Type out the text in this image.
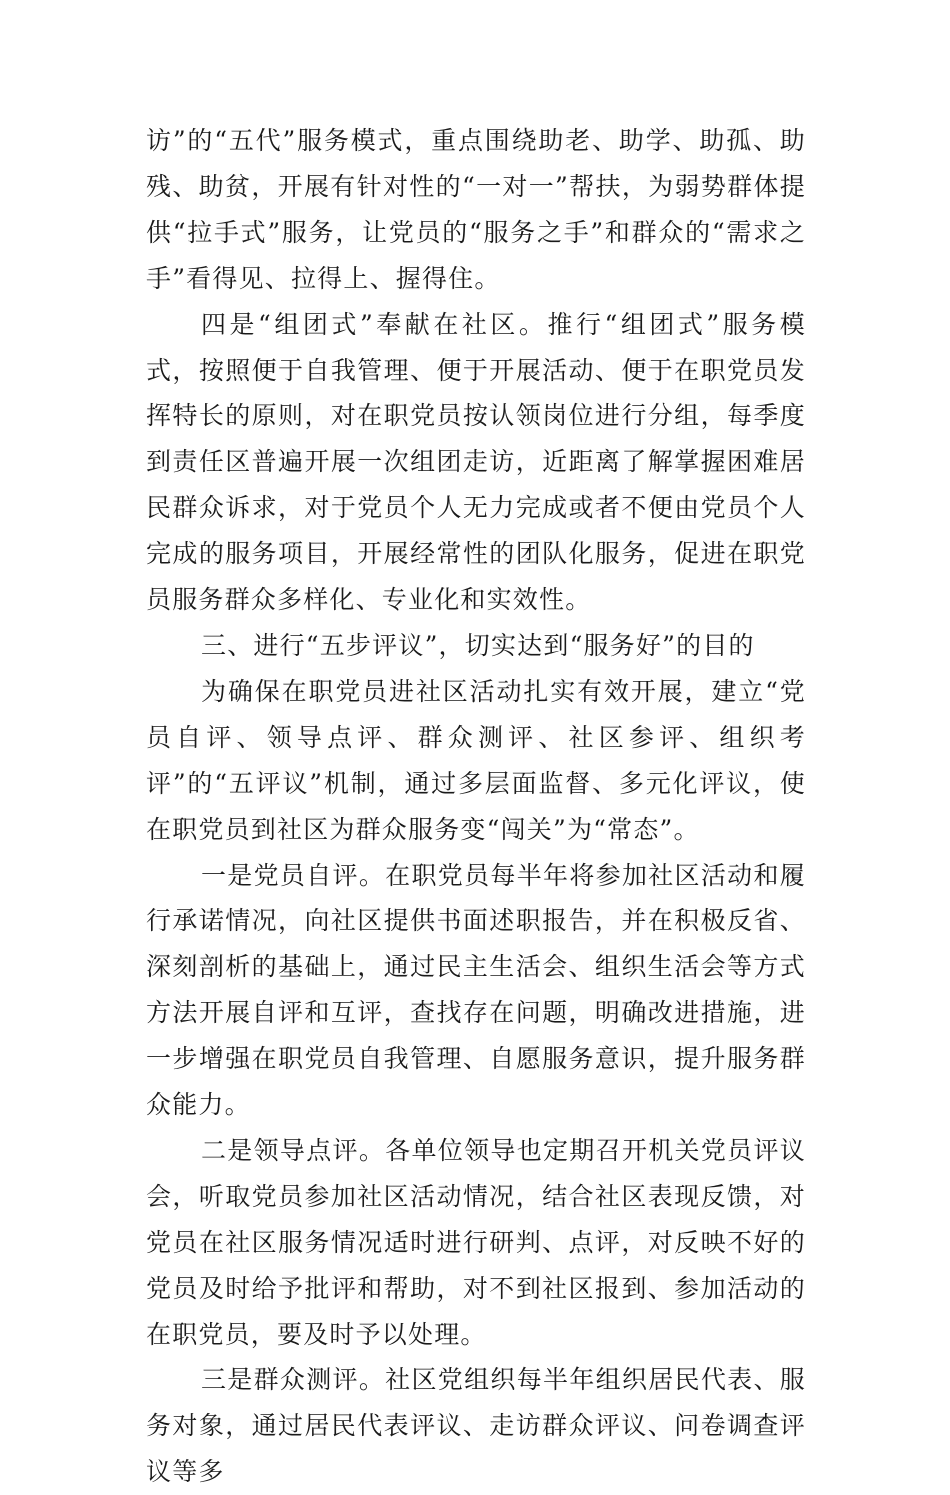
访”的“五代”服务模式，重点围绕助老、助学、助孤、助残、助贫，开展有针对性的“一对一”帮扶，为弱势群体提供“拉手式”服务，让党员的“服务之手”和群众的“需求之手”看得见、拉得上、握得住。

四是“组团式”奉献在社区。推行“组团式”服务模式，按照便于自我管理、便于开展活动、便于在职党员发挥特长的原则，对在职党员按认领岗位进行分组，每季度到责任区普遍开展一次组团走访，近距离了解掌握困难居民群众诉求，对于党员个人无力完成或者不便由党员个人完成的服务项目，开展经常性的团队化服务，促进在职党员服务群众多样化、专业化和实效性。

三、进行“五步评议”，切实达到“服务好”的目的

为确保在职党员进社区活动扎实有效开展，建立“党员自评、领导点评、群众测评、社区参评、组织考评”的“五评议”机制，通过多层面监督、多元化评议，使在职党员到社区为群众服务变“闯关”为“常态”。

一是党员自评。在职党员每半年将参加社区活动和履行承诺情况，向社区提供书面述职报告，并在积极反省、深刻剖析的基础上，通过民主生活会、组织生活会等方式方法开展自评和互评，查找存在问题，明确改进措施，进一步增强在职党员自我管理、自愿服务意识，提升服务群众能力。

二是领导点评。各单位领导也定期召开机关党员评议会，听取党员参加社区活动情况，结合社区表现反馈，对党员在社区服务情况适时进行研判、点评，对反映不好的党员及时给予批评和帮助，对不到社区报到、参加活动的在职党员，要及时予以处理。

三是群众测评。社区党组织每半年组织居民代表、服务对象，通过居民代表评议、走访群众评议、问卷调查评议等多
